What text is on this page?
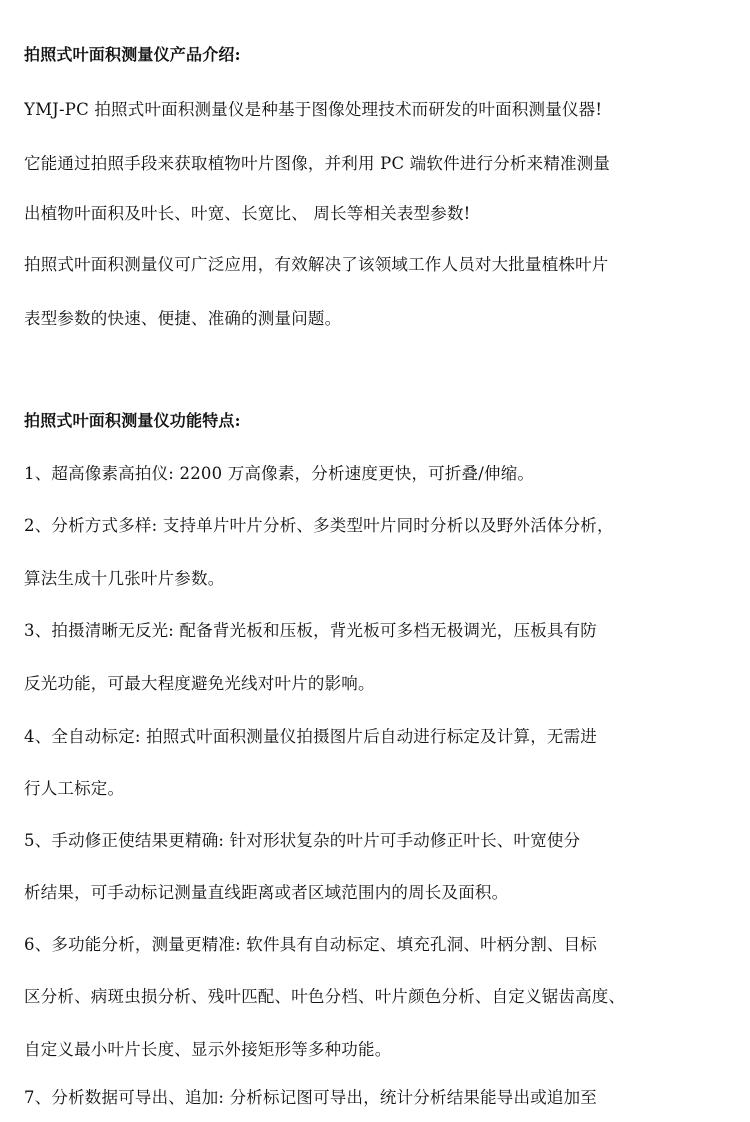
拍照式叶面积测量仪产品介绍:
YMJ-PC 拍照式叶面积测量仪是种基于图像处理技术而研发的叶面积测量仪器!
它能通过拍照手段来获取植物叶片图像，并利用 PC 端软件进行分析来精准测量
出植物叶面积及叶长、叶宽、长宽比、 周长等相关表型参数!
拍照式叶面积测量仪可广泛应用，有效解决了该领域工作人员对大批量植株叶片
表型参数的快速、便捷、准确的测量问题。
拍照式叶面积测量仪功能特点:
1、超高像素高拍仪: 2200 万高像素，分析速度更快，可折叠/伸缩。
2、分析方式多样: 支持单片叶片分析、多类型叶片同时分析以及野外活体分析，
算法生成十几张叶片参数。
3、拍摄清晰无反光: 配备背光板和压板，背光板可多档无极调光，压板具有防
反光功能，可最大程度避免光线对叶片的影响。
4、全自动标定: 拍照式叶面积测量仪拍摄图片后自动进行标定及计算，无需进
行人工标定。
5、手动修正使结果更精确: 针对形状复杂的叶片可手动修正叶长、叶宽使分
析结果，可手动标记测量直线距离或者区域范围内的周长及面积。
6、多功能分析，测量更精准: 软件具有自动标定、填充孔洞、叶柄分割、目标
区分析、病斑虫损分析、残叶匹配、叶色分档、叶片颜色分析、自定义锯齿高度、
自定义最小叶片长度、显示外接矩形等多种功能。
7、分析数据可导出、追加: 分析标记图可导出，统计分析结果能导出或追加至
